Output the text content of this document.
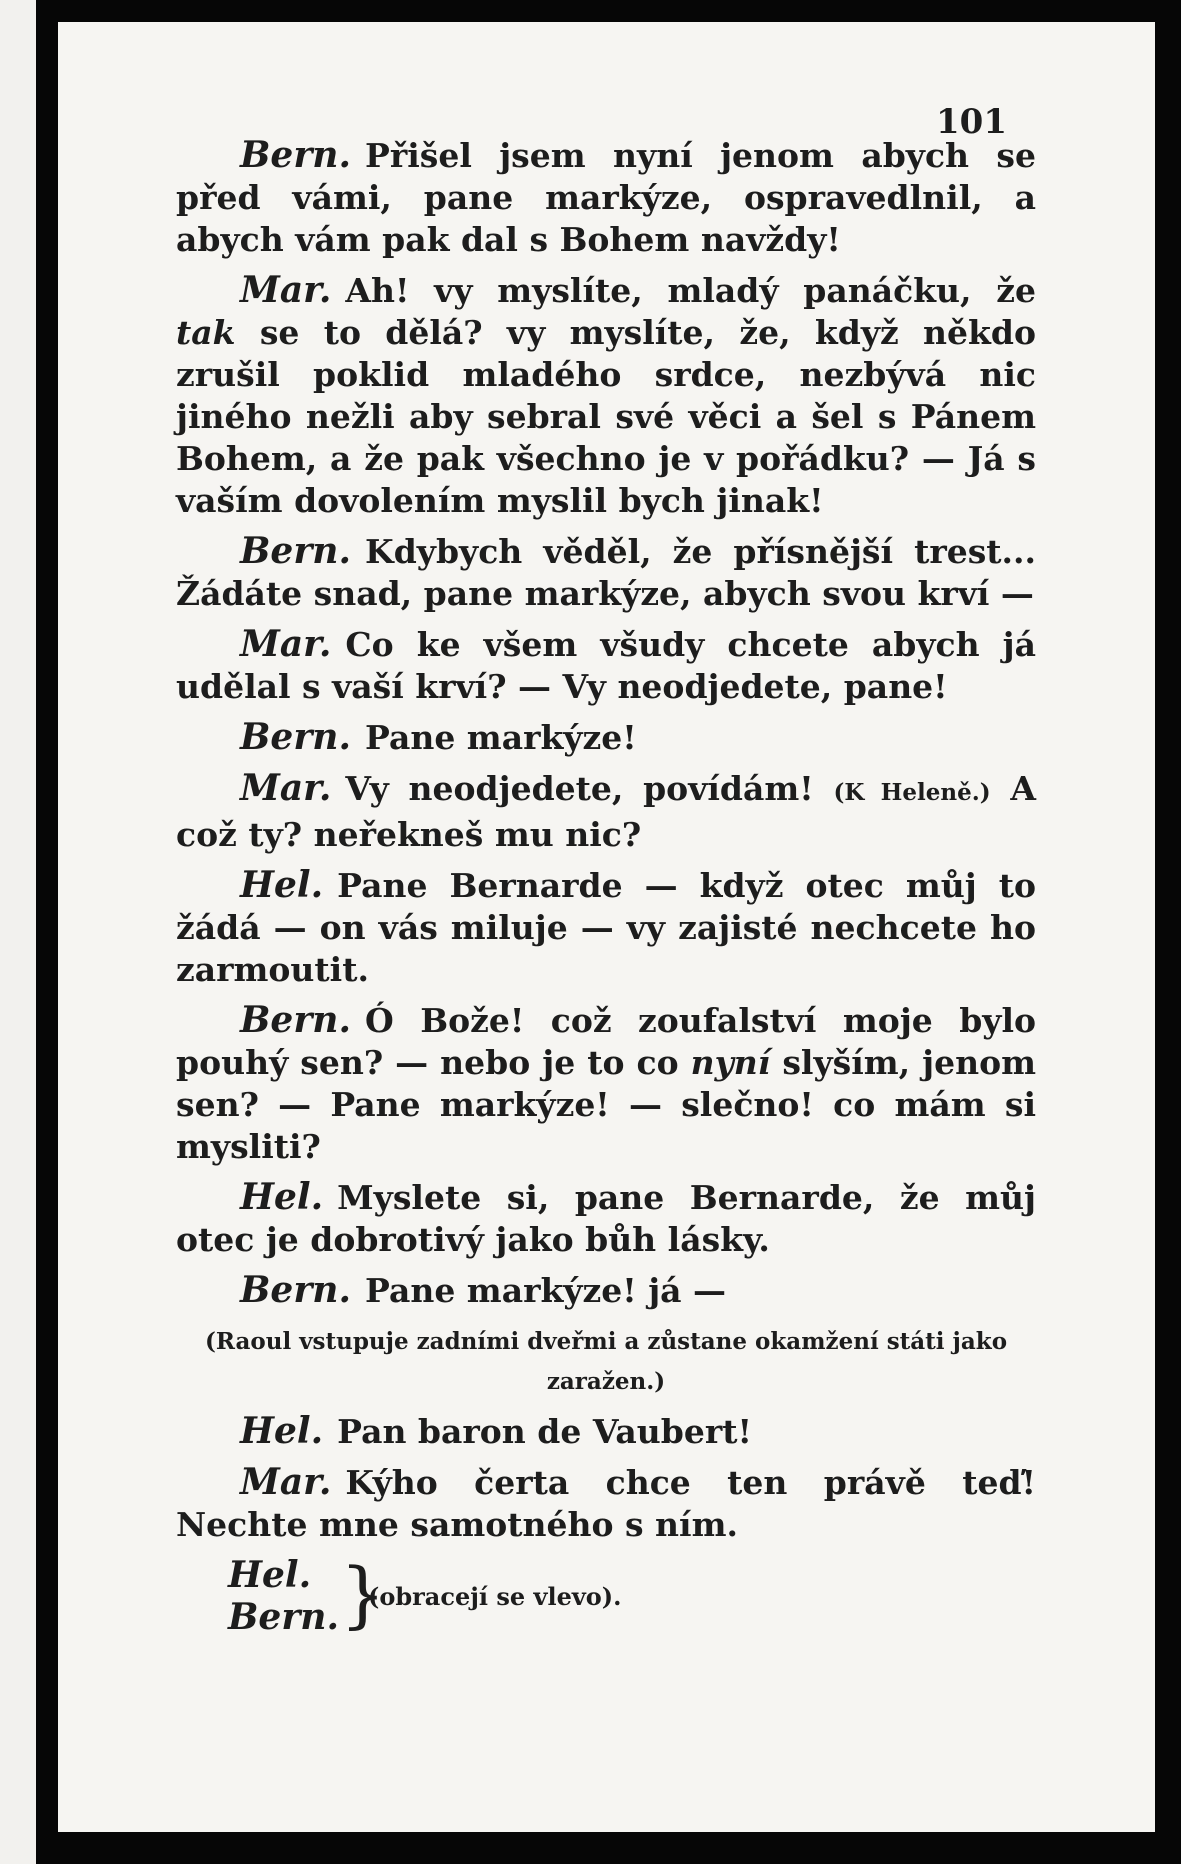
101

Bern. Přišel jsem nyní jenom abych se před vámi, pane markýze, ospravedlnil, a abych vám pak dal s Bohem navždy!

Mar. Ah! vy myslíte, mladý panáčku, že tak se to dělá? vy myslíte, že, když někdo zrušil poklid mladého srdce, nezbývá nic jiného nežli aby sebral své věci a šel s Pánem Bohem, a že pak všechno je v pořádku? — Já s vaším dovolením myslil bych jinak!

Bern. Kdybych věděl, že přísnější trest... Žádáte snad, pane markýze, abych svou krví —

Mar. Co ke všem všudy chcete abych já udělal s vaší krví? — Vy neodjedete, pane!

Bern. Pane markýze!

Mar. Vy neodjedete, povídám! (K Heleně.) A což ty? neřekneš mu nic?

Hel. Pane Bernarde — když otec můj to žádá — on vás miluje — vy zajisté nechcete ho zarmoutit.

Bern. Ó Bože! což zoufalství moje bylo pouhý sen? — nebo je to co nyní slyším, jenom sen? — Pane markýze! — slečno! co mám si mysliti?

Hel. Myslete si, pane Bernarde, že můj otec je dobrotivý jako bůh lásky.

Bern. Pane markýze! já —

(Raoul vstupuje zadními dveřmi a zůstane okamžení státi jako zaražen.)

Hel. Pan baron de Vaubert!

Mar. Kýho čerta chce ten právě teď! Nechte mne samotného s ním.

Hel.
Bern. }
(obracejí se vlevo).
